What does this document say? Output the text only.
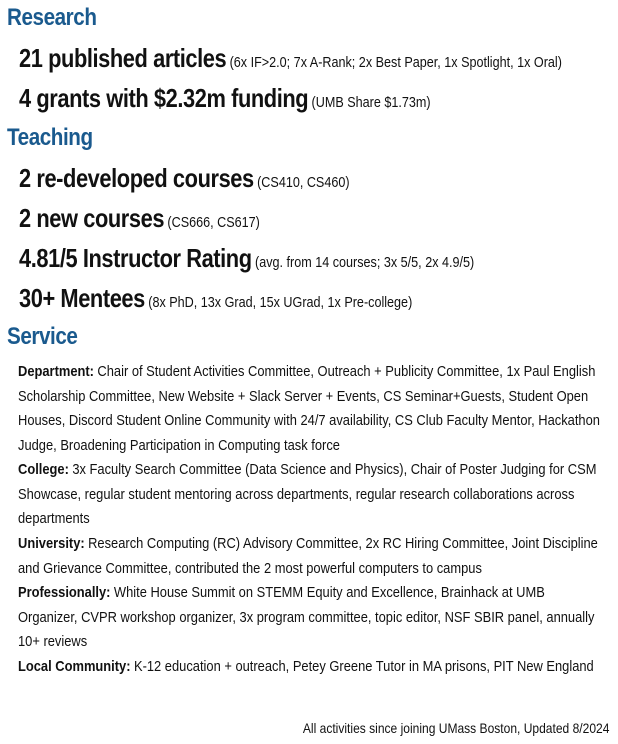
Research
21 published articles (6x IF>2.0; 7x A-Rank; 2x Best Paper, 1x Spotlight, 1x Oral)
4 grants with $2.32m funding (UMB Share $1.73m)
Teaching
2 re-developed courses (CS410, CS460)
2 new courses (CS666, CS617)
4.81/5 Instructor Rating (avg. from 14 courses; 3x 5/5, 2x 4.9/5)
30+ Mentees (8x PhD, 13x Grad, 15x UGrad, 1x Pre-college)
Service
Department: Chair of Student Activities Committee, Outreach + Publicity Committee, 1x Paul English Scholarship Committee, New Website + Slack Server + Events, CS Seminar+Guests, Student Open Houses, Discord Student Online Community with 24/7 availability, CS Club Faculty Mentor, Hackathon Judge, Broadening Participation in Computing task force
College: 3x Faculty Search Committee (Data Science and Physics), Chair of Poster Judging for CSM Showcase, regular student mentoring across departments, regular research collaborations across departments
University: Research Computing (RC) Advisory Committee, 2x RC Hiring Committee, Joint Discipline and Grievance Committee, contributed the 2 most powerful computers to campus
Professionally: White House Summit on STEMM Equity and Excellence, Brainhack at UMB Organizer, CVPR workshop organizer, 3x program committee, topic editor, NSF SBIR panel, annually 10+ reviews
Local Community: K-12 education + outreach, Petey Greene Tutor in MA prisons, PIT New England
All activities since joining UMass Boston, Updated 8/2024
